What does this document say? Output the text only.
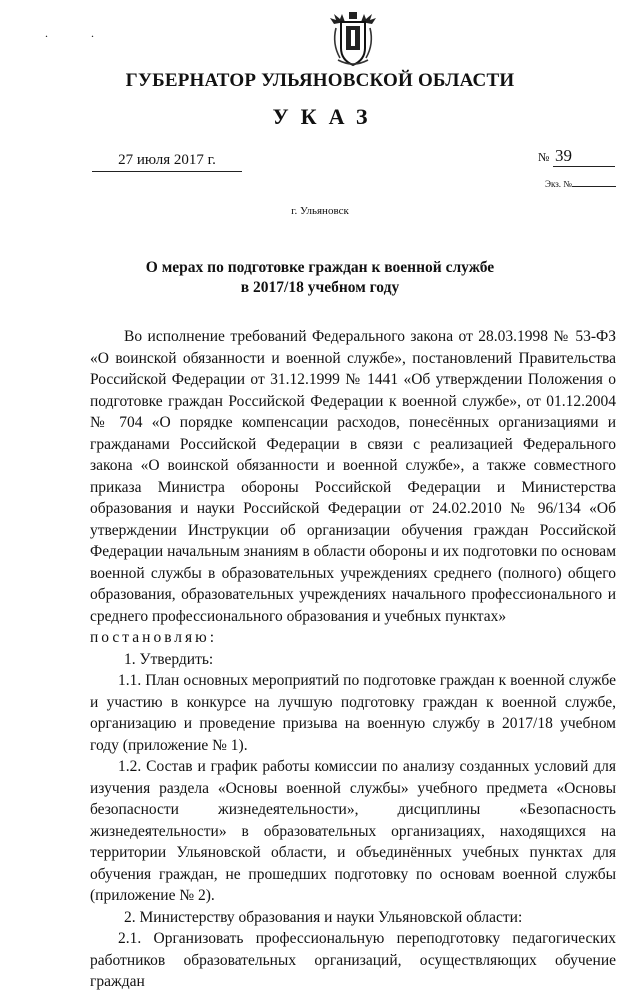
. .
ГУБЕРНАТОР УЛЬЯНОВСКОЙ ОБЛАСТИ
УКАЗ
27 июля 2017 г.	№ 39
Экз. №
г. Ульяновск
О мерах по подготовке граждан к военной службе
в 2017/18 учебном году

Во исполнение требований Федерального закона от 28.03.1998 № 53-ФЗ «О воинской обязанности и военной службе», постановлений Правительства Российской Федерации от 31.12.1999 № 1441 «Об утверждении Положения о подготовке граждан Российской Федерации к военной службе», от 01.12.2004 № 704 «О порядке компенсации расходов, понесённых организациями и гражданами Российской Федерации в связи с реализацией Федерального закона «О воинской обязанности и военной службе», а также совместного приказа Министра обороны Российской Федерации и Министерства образования и науки Российской Федерации от 24.02.2010 № 96/134 «Об утверждении Инструкции об организации обучения граждан Российской Федерации начальным знаниям в области обороны и их подготовки по основам военной службы в образовательных учреждениях среднего (полного) общего образования, образовательных учреждениях начального профессионального и среднего профессионального образования и учебных пунктах»

постановляю:

1. Утвердить:

1.1. План основных мероприятий по подготовке граждан к военной службе и участию в конкурсе на лучшую подготовку граждан к военной службе, организацию и проведение призыва на военную службу в 2017/18 учебном году (приложение № 1).

1.2. Состав и график работы комиссии по анализу созданных условий для изучения раздела «Основы военной службы» учебного предмета «Основы безопасности жизнедеятельности», дисциплины «Безопасность жизнедеятельности» в образовательных организациях, находящихся на территории Ульяновской области, и объединённых учебных пунктах для обучения граждан, не прошедших подготовку по основам военной службы (приложение № 2).

2. Министерству образования и науки Ульяновской области:

2.1. Организовать профессиональную переподготовку педагогических работников образовательных организаций, осуществляющих обучение граждан
